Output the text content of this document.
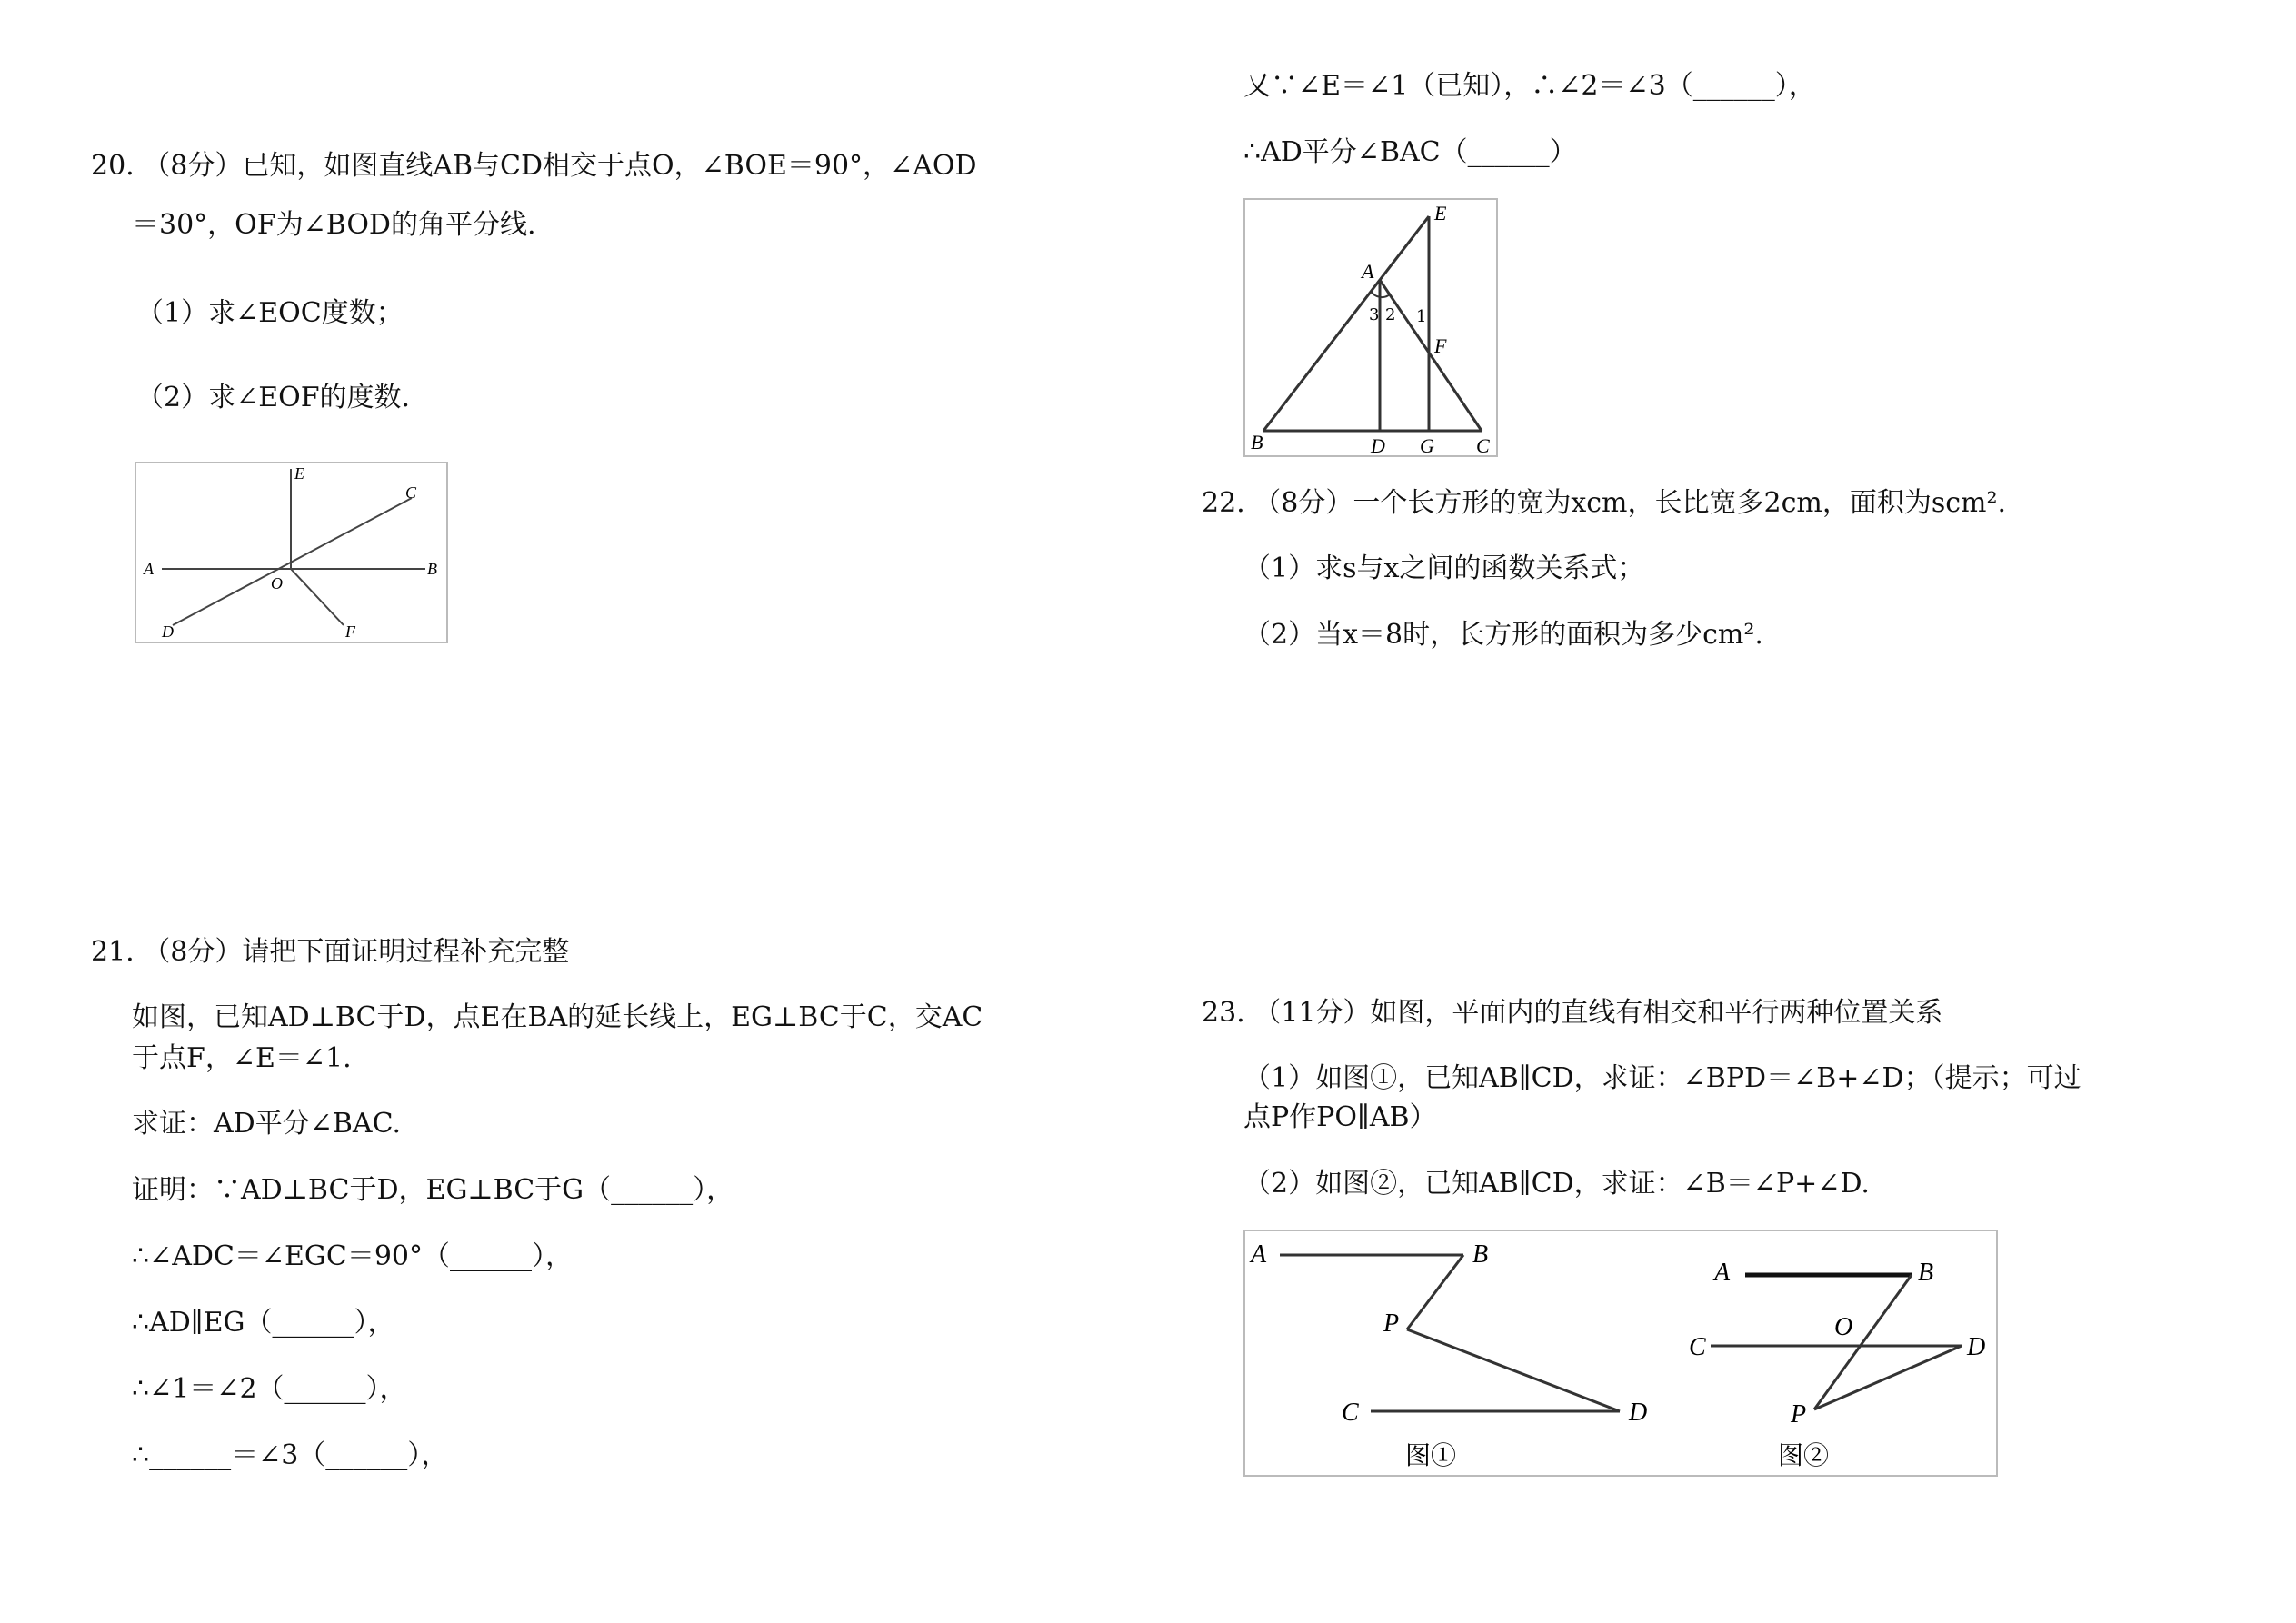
20. （8分）已知，如图直线AB与CD相交于点O，∠BOE＝90°，∠AOD
＝30°，OF为∠BOD的角平分线.
（1）求∠EOC度数；
（2）求∠EOF的度数.
E
C
A	B
O
D	F
21. （8分）请把下面证明过程补充完整
如图，已知AD⊥BC于D，点E在BA的延长线上，EG⊥BC于C，交AC
于点F，∠E＝∠1.
求证：AD平分∠BAC.
证明：∵AD⊥BC于D，EG⊥BC于G（______），
∴∠ADC＝∠EGC＝90°（______），
∴AD∥EG（______），
∴∠1＝∠2（______），
∴______＝∠3（______），
又∵∠E＝∠1（已知），∴∠2＝∠3（______），
∴AD平分∠BAC（______）
E
A
3 2 1
F
B	D G C
22. （8分）一个长方形的宽为xcm，长比宽多2cm，面积为scm².
（1）求s与x之间的函数关系式；
（2）当x＝8时，长方形的面积为多少cm².
23. （11分）如图，平面内的直线有相交和平行两种位置关系
（1）如图①，已知AB∥CD，求证：∠BPD＝∠B+∠D；（提示；可过
点P作PO∥AB）
（2）如图②，已知AB∥CD，求证：∠B＝∠P+∠D.
A	B
P
C	D
图①
A	B
O
C	D
P
图②
